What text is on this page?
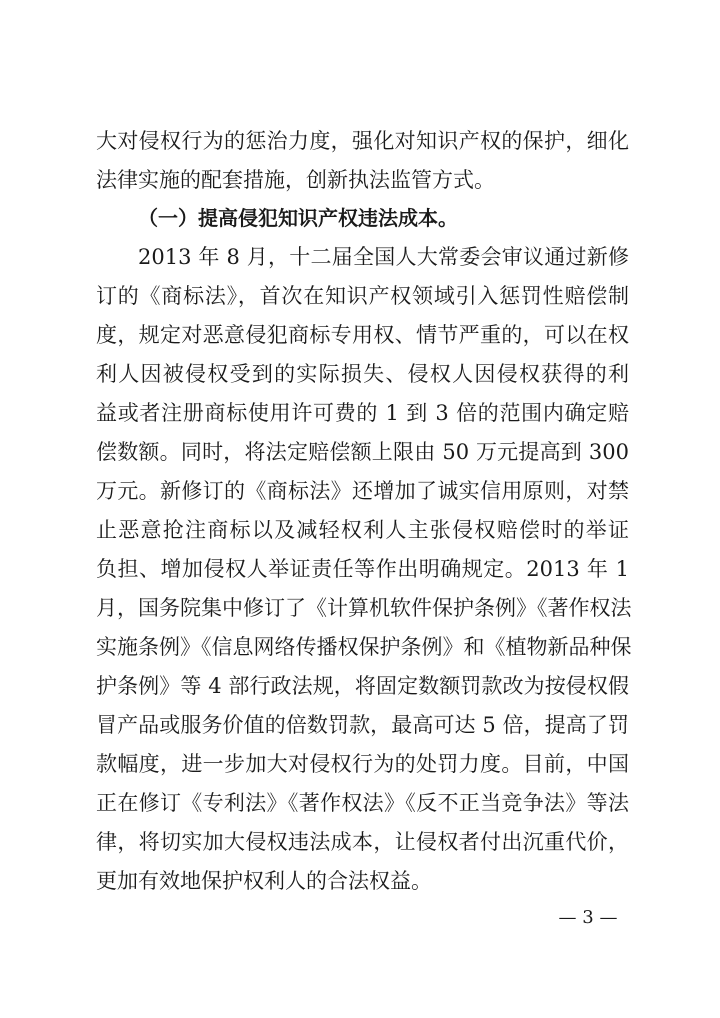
大对侵权行为的惩治力度，强化对知识产权的保护，细化
法律实施的配套措施，创新执法监管方式。
（一）提高侵犯知识产权违法成本。
2013 年 8 月，十二届全国人大常委会审议通过新修
订的《商标法》，首次在知识产权领域引入惩罚性赔偿制
度，规定对恶意侵犯商标专用权、情节严重的，可以在权
利人因被侵权受到的实际损失、侵权人因侵权获得的利
益或者注册商标使用许可费的 1 到 3 倍的范围内确定赔
偿数额。同时，将法定赔偿额上限由 50 万元提高到 300
万元。新修订的《商标法》还增加了诚实信用原则，对禁
止恶意抢注商标以及减轻权利人主张侵权赔偿时的举证
负担、增加侵权人举证责任等作出明确规定。2013 年 1
月，国务院集中修订了《计算机软件保护条例》《著作权法
实施条例》《信息网络传播权保护条例》和《植物新品种保
护条例》等 4 部行政法规，将固定数额罚款改为按侵权假
冒产品或服务价值的倍数罚款，最高可达 5 倍，提高了罚
款幅度，进一步加大对侵权行为的处罚力度。目前，中国
正在修订《专利法》《著作权法》《反不正当竞争法》等法
律，将切实加大侵权违法成本，让侵权者付出沉重代价，
更加有效地保护权利人的合法权益。
— 3 —
